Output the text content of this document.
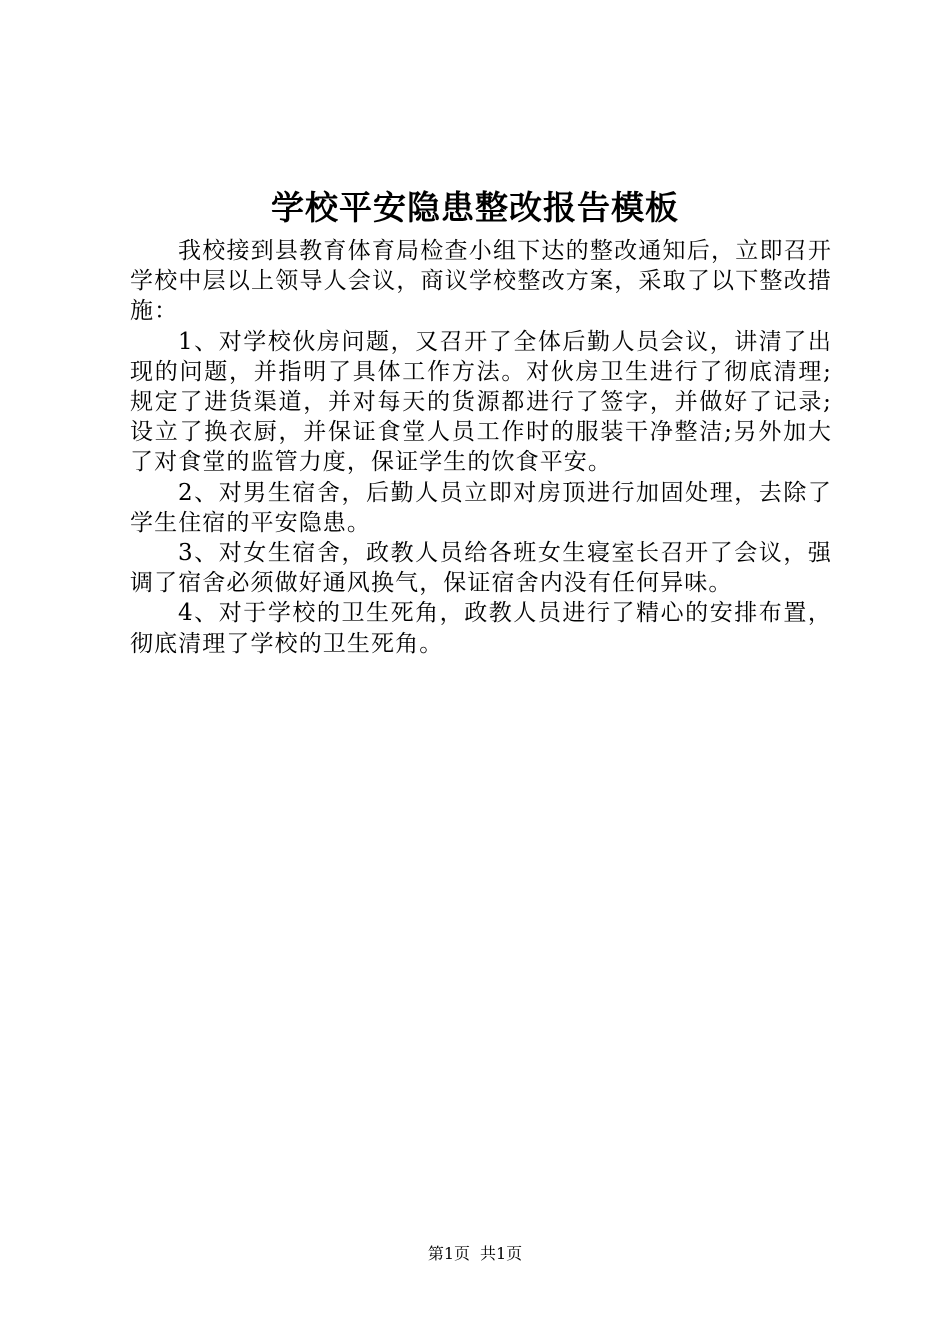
学校平安隐患整改报告模板

我校接到县教育体育局检查小组下达的整改通知后，立即召开学校中层以上领导人会议，商议学校整改方案，采取了以下整改措施：

1、对学校伙房问题，又召开了全体后勤人员会议，讲清了出现的问题，并指明了具体工作方法。对伙房卫生进行了彻底清理;规定了进货渠道，并对每天的货源都进行了签字，并做好了记录;设立了换衣厨，并保证食堂人员工作时的服装干净整洁;另外加大了对食堂的监管力度，保证学生的饮食平安。

2、对男生宿舍，后勤人员立即对房顶进行加固处理，去除了学生住宿的平安隐患。

3、对女生宿舍，政教人员给各班女生寝室长召开了会议，强调了宿舍必须做好通风换气，保证宿舍内没有任何异味。

4、对于学校的卫生死角，政教人员进行了精心的安排布置，彻底清理了学校的卫生死角。

第1页 共1页
